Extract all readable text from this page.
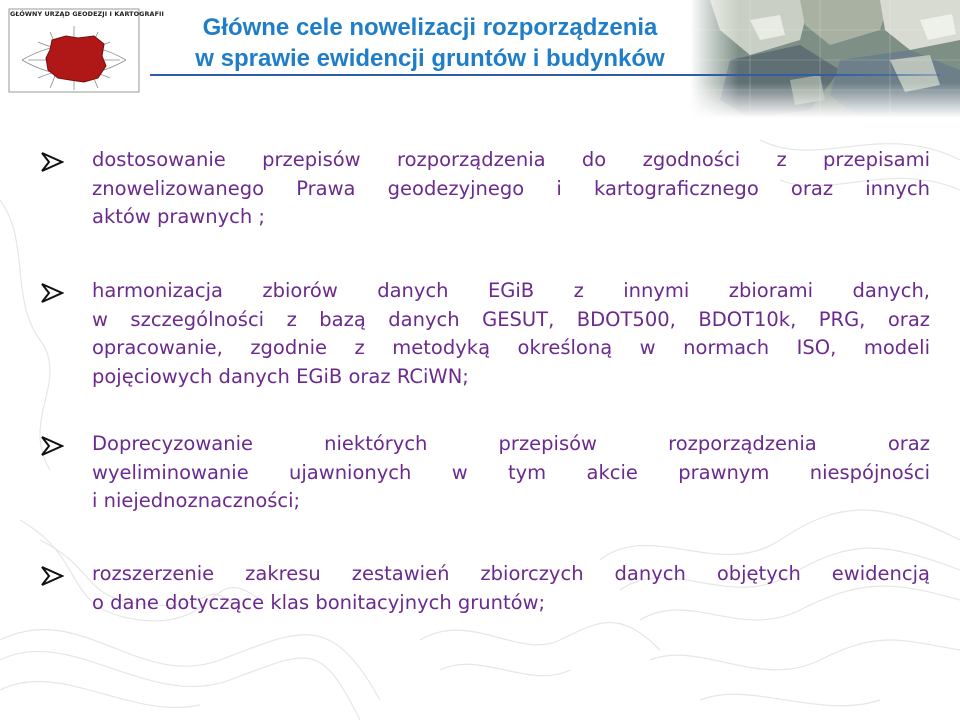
GŁÓWNY URZĄD GEODEZJI I KARTOGRAFII	Główne cele nowelizacji rozporządzenia
w sprawie ewidencji gruntów i budynków
dostosowanie przepisów rozporządzenia do zgodności z przepisami
znowelizowanego Prawa geodezyjnego i kartograficznego oraz innych
aktów prawnych ;
harmonizacja zbiorów danych EGiB z innymi zbiorami danych,
w szczególności z bazą danych GESUT, BDOT500, BDOT10k, PRG, oraz
opracowanie, zgodnie z metodyką określoną w normach ISO, modeli
pojęciowych danych EGiB oraz RCiWN;
Doprecyzowanie niektórych przepisów rozporządzenia oraz
wyeliminowanie ujawnionych w tym akcie prawnym niespójności
i niejednoznaczności;
rozszerzenie zakresu zestawień zbiorczych danych objętych ewidencją
o dane dotyczące klas bonitacyjnych gruntów;
